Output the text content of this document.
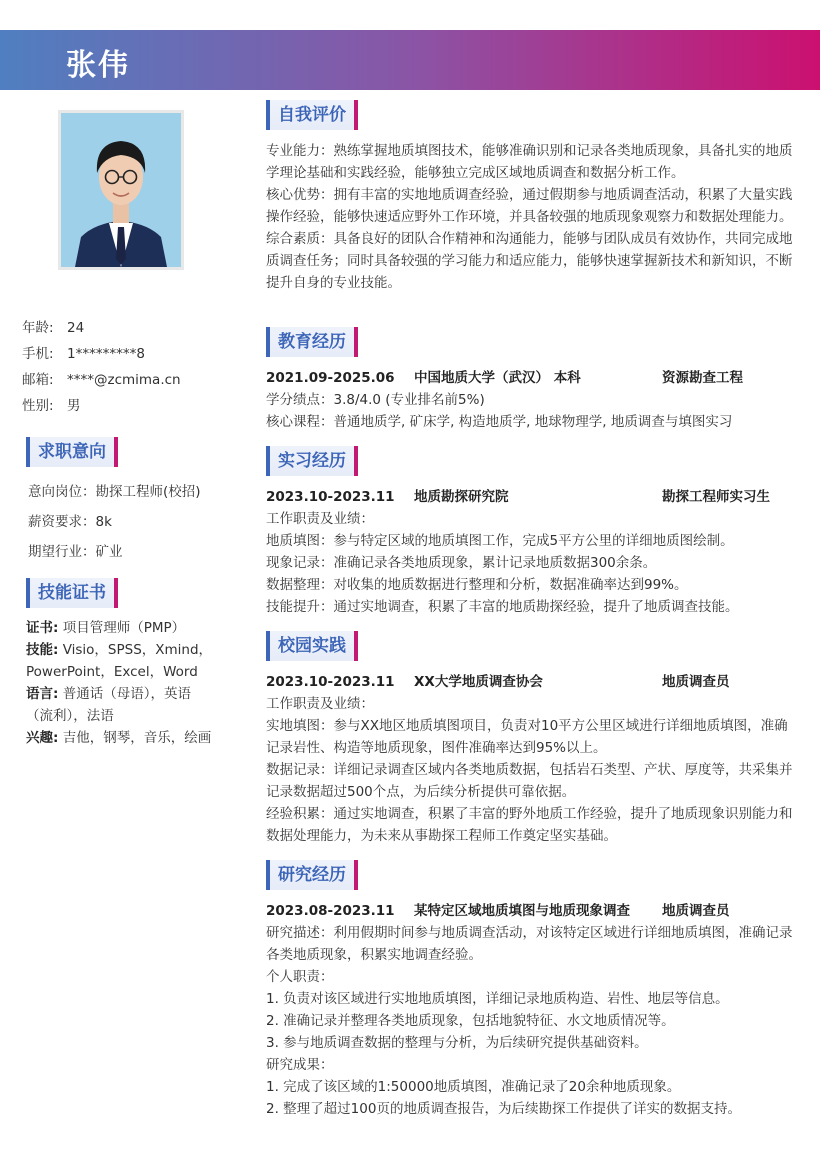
张伟
年龄: 24
手机: 1*********8
邮箱: ****@zcmima.cn
性别: 男
求职意向
意向岗位：勘探工程师(校招)
薪资要求：8k
期望行业：矿业
技能证书
证书: 项目管理师（PMP）
技能: Visio，SPSS，Xmind，PowerPoint，Excel，Word
语言: 普通话（母语），英语（流利），法语
兴趣: 吉他，钢琴，音乐，绘画
自我评价

专业能力：熟练掌握地质填图技术，能够准确识别和记录各类地质现象，具备扎实的地质学理论基础和实践经验，能够独立完成区域地质调查和数据分析工作。

核心优势：拥有丰富的实地地质调查经验，通过假期参与地质调查活动，积累了大量实践操作经验，能够快速适应野外工作环境，并具备较强的地质现象观察力和数据处理能力。

综合素质：具备良好的团队合作精神和沟通能力，能够与团队成员有效协作，共同完成地质调查任务；同时具备较强的学习能力和适应能力，能够快速掌握新技术和新知识，不断提升自身的专业技能。

教育经历
2021.09-2025.06	中国地质大学（武汉） 本科	资源勘查工程

学分绩点：3.8/4.0 (专业排名前5%)

核心课程：普通地质学, 矿床学, 构造地质学, 地球物理学, 地质调查与填图实习

实习经历
2023.10-2023.11	地质勘探研究院	勘探工程师实习生

工作职责及业绩：

地质填图：参与特定区域的地质填图工作，完成5平方公里的详细地质图绘制。

现象记录：准确记录各类地质现象，累计记录地质数据300余条。

数据整理：对收集的地质数据进行整理和分析，数据准确率达到99%。

技能提升：通过实地调查，积累了丰富的地质勘探经验，提升了地质调查技能。

校园实践
2023.10-2023.11	XX大学地质调查协会	地质调查员

工作职责及业绩：

实地填图：参与XX地区地质填图项目，负责对10平方公里区域进行详细地质填图，准确记录岩性、构造等地质现象，图件准确率达到95%以上。

数据记录：详细记录调查区域内各类地质数据，包括岩石类型、产状、厚度等，共采集并记录数据超过500个点，为后续分析提供可靠依据。

经验积累：通过实地调查，积累了丰富的野外地质工作经验，提升了地质现象识别能力和数据处理能力，为未来从事勘探工程师工作奠定坚实基础。

研究经历
2023.08-2023.11	某特定区域地质填图与地质现象调查	地质调查员

研究描述：利用假期时间参与地质调查活动，对该特定区域进行详细地质填图，准确记录各类地质现象，积累实地调查经验。

个人职责：

1. 负责对该区域进行实地地质填图，详细记录地质构造、岩性、地层等信息。

2. 准确记录并整理各类地质现象，包括地貌特征、水文地质情况等。

3. 参与地质调查数据的整理与分析，为后续研究提供基础资料。

研究成果：

1. 完成了该区域的1:50000地质填图，准确记录了20余种地质现象。

2. 整理了超过100页的地质调查报告，为后续勘探工作提供了详实的数据支持。
